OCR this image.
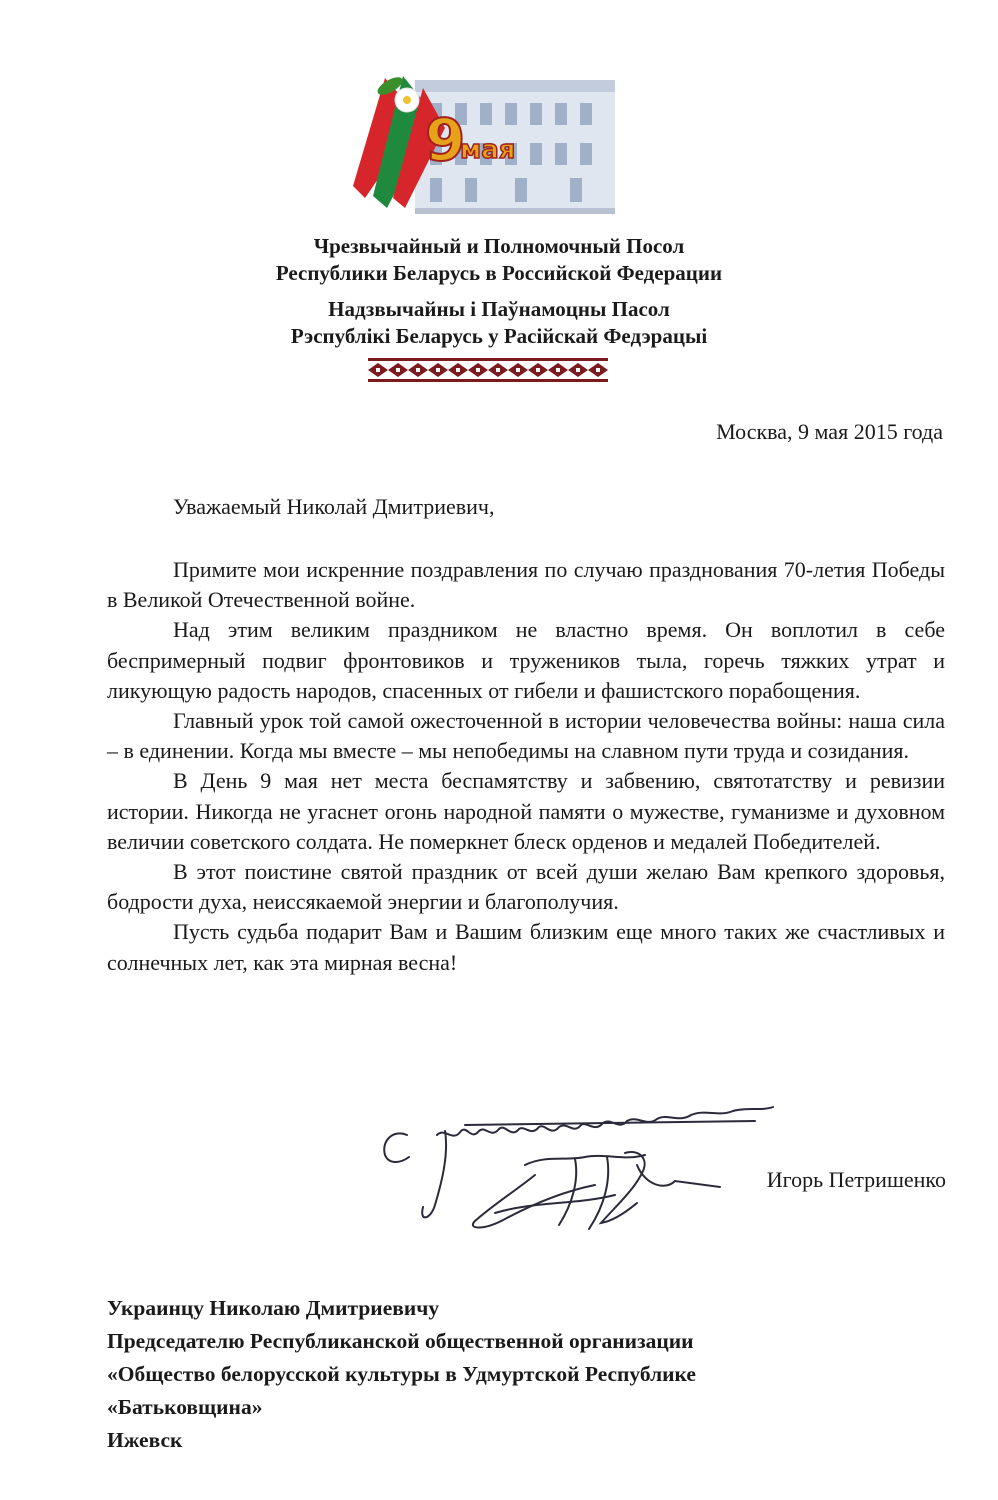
9
мая
Чрезвычайный и Полномочный Посол
Республики Беларусь в Российской Федерации
Надзвычайны і Паўнамоцны Пасол
Рэспублікі Беларусь у Расійскай Федэрацыі
Москва, 9 мая 2015 года
Уважаемый Николай Дмитриевич,

Примите мои искренние поздравления по случаю празднования 70-летия Победы в Великой Отечественной войне.

Над этим великим праздником не властно время. Он воплотил в себе беспримерный подвиг фронтовиков и тружеников тыла, горечь тяжких утрат и ликующую радость народов, спасенных от гибели и фашистского порабощения.

Главный урок той самой ожесточенной в истории человечества войны: наша сила – в единении. Когда мы вместе – мы непобедимы на славном пути труда и созидания.

В День 9 мая нет места беспамятству и забвению, святотатству и ревизии истории. Никогда не угаснет огонь народной памяти о мужестве, гуманизме и духовном величии советского солдата. Не померкнет блеск орденов и медалей Победителей.

В этот поистине святой праздник от всей души желаю Вам крепкого здоровья, бодрости духа, неиссякаемой энергии и благополучия.

Пусть судьба подарит Вам и Вашим близким еще много таких же счастливых и солнечных лет, как эта мирная весна!

Игорь Петришенко
Украинцу Николаю Дмитриевичу
Председателю Республиканской общественной организации
«Общество белорусской культуры в Удмуртской Республике
«Батьковщина»
Ижевск
